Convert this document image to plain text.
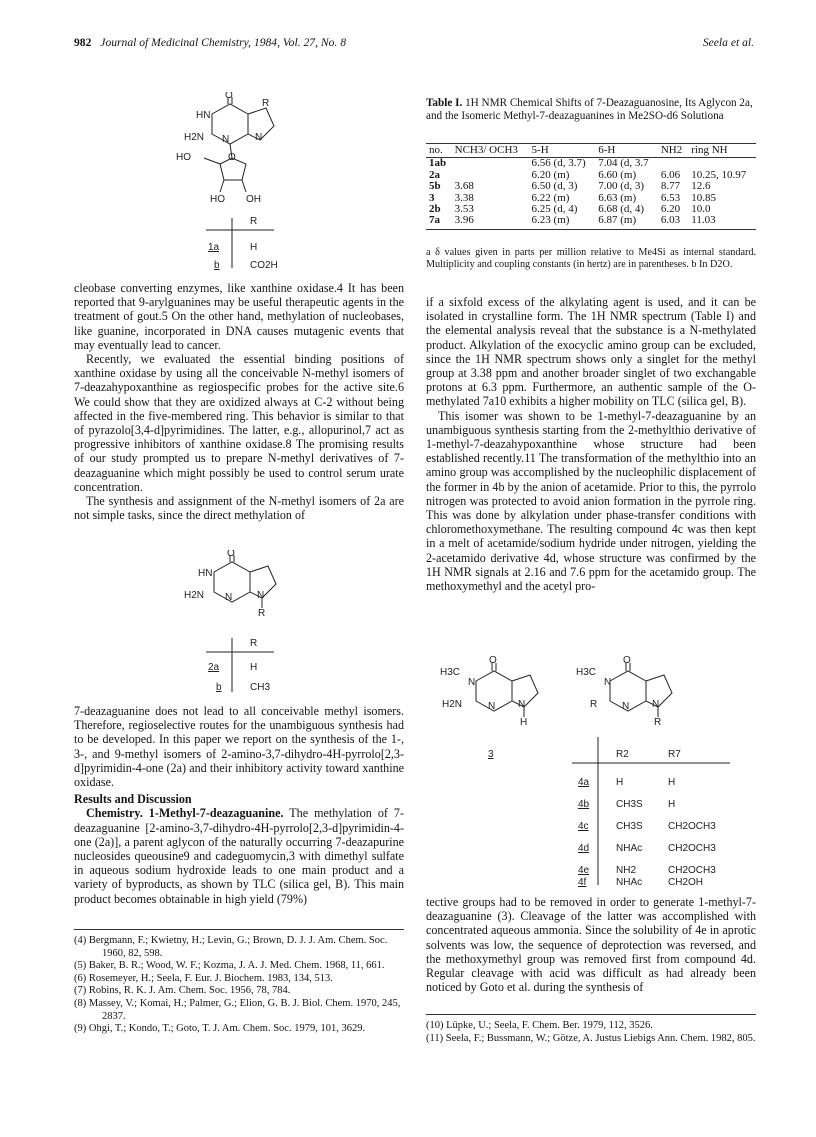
982 Journal of Medicinal Chemistry, 1984, Vol. 27, No. 8	Seela et al.
O
R
HN
H2N N	N
HO	O
HO OH
R
1a	H
b	CO2H

cleobase converting enzymes, like xanthine oxidase.4 It has been reported that 9-arylguanines may be useful therapeutic agents in the treatment of gout.5 On the other hand, methylation of nucleobases, like guanine, incorporated in DNA causes mutagenic events that may eventually lead to cancer.

Recently, we evaluated the essential binding positions of xanthine oxidase by using all the conceivable N-methyl isomers of 7-deazahypoxanthine as regiospecific probes for the active site.6 We could show that they are oxidized always at C-2 without being affected in the five-membered ring. This behavior is similar to that of pyrazolo[3,4-d]pyrimidines. The latter, e.g., allopurinol,7 act as progressive inhibitors of xanthine oxidase.8 The promising results of our study prompted us to prepare N-methyl derivatives of 7-deazaguanine which might possibly be used to control serum urate concentration.

The synthesis and assignment of the N-methyl isomers of 2a are not simple tasks, since the direct methylation of

O
HN
H2N N N
R
R
2a	H
b	CH3

7-deazaguanine does not lead to all conceivable methyl isomers. Therefore, regioselective routes for the unambiguous synthesis had to be developed. In this paper we report on the synthesis of the 1-, 3-, and 9-methyl isomers of 2-amino-3,7-dihydro-4H-pyrrolo[2,3-d]pyrimidin-4-one (2a) and their inhibitory activity toward xanthine oxidase.

Results and Discussion

Chemistry. 1-Methyl-7-deazaguanine. The methylation of 7-deazaguanine [2-amino-3,7-dihydro-4H-pyrrolo[2,3-d]pyrimidin-4-one (2a)], a parent aglycon of the naturally occurring 7-deazapurine nucleosides queousine9 and cadeguomycin,3 with dimethyl sulfate in aqueous sodium hydroxide leads to one main product and a variety of byproducts, as shown by TLC (silica gel, B). This main product becomes obtainable in high yield (79%)

(4) Bergmann, F.; Kwietny, H.; Levin, G.; Brown, D. J. J. Am. Chem. Soc. 1960, 82, 598.
(5) Baker, B. R.; Wood, W. F.; Kozma, J. A. J. Med. Chem. 1968, 11, 661.
(6) Rosemeyer, H.; Seela, F. Eur. J. Biochem. 1983, 134, 513.
(7) Robins, R. K. J. Am. Chem. Soc. 1956, 78, 784.
(8) Massey, V.; Komai, H.; Palmer, G.; Elion, G. B. J. Biol. Chem. 1970, 245, 2837.
(9) Ohgi, T.; Kondo, T.; Goto, T. J. Am. Chem. Soc. 1979, 101, 3629.
Table I. 1H NMR Chemical Shifts of 7-Deazaguanosine, Its Aglycon 2a, and the Isomeric Methyl-7-deazaguanines in Me2SO-d6 Solutiona
no.	NCH3/ OCH3	5-H	6-H	NH2	ring NH
1ab		6.56 (d, 3.7)	7.04 (d, 3.7		
2a		6.20 (m)	6.60 (m)	6.06	10.25, 10.97
5b	3.68	6.50 (d, 3)	7.00 (d, 3)	8.77	12.6
3	3.38	6.22 (m)	6.63 (m)	6.53	10.85
2b	3.53	6.25 (d, 4)	6.68 (d, 4)	6.20	10.0
7a	3.96	6.23 (m)	6.87 (m)	6.03	11.03
a δ values given in parts per million relative to Me4Si as internal standard. Multiplicity and coupling constants (in hertz) are in parentheses. b In D2O.

if a sixfold excess of the alkylating agent is used, and it can be isolated in crystalline form. The 1H NMR spectrum (Table I) and the elemental analysis reveal that the substance is a N-methylated product. Alkylation of the exocyclic amino group can be excluded, since the 1H NMR spectrum shows only a singlet for the methyl group at 3.38 ppm and another broader singlet of two exchangable protons at 6.3 ppm. Furthermore, an authentic sample of the O-methylated 7a10 exhibits a higher mobility on TLC (silica gel, B).

This isomer was shown to be 1-methyl-7-deazaguanine by an unambiguous synthesis starting from the 2-methylthio derivative of 1-methyl-7-deazahypoxanthine whose structure had been established recently.11 The transformation of the methylthio into an amino group was accomplished by the nucleophilic displacement of the former in 4b by the anion of acetamide. Prior to this, the pyrrolo nitrogen was protected to avoid anion formation in the pyrrole ring. This was done by alkylation under phase-transfer conditions with chloromethoxymethane. The resulting compound 4c was then kept in a melt of acetamide/sodium hydride under nitrogen, yielding the 2-acetamido derivative 4d, whose structure was confirmed by the 1H NMR signals at 2.16 and 7.6 ppm for the acetamido group. The methoxymethyl and the acetyl pro-

O
H3C
N
H2N	N N
H
O
H3C
N
R N N
R
3	R2	R7
4a	H	H
4b	CH3S	H
4c	CH3S	CH2OCH3
4d	NHAc	CH2OCH3
4e	NH2	CH2OCH3
4f	NHAc	CH2OH

tective groups had to be removed in order to generate 1-methyl-7-deazaguanine (3). Cleavage of the latter was accomplished with concentrated aqueous ammonia. Since the solubility of 4e in aprotic solvents was low, the sequence of deprotection was reversed, and the methoxymethyl group was removed first from compound 4d. Regular cleavage with acid was difficult as had already been noticed by Goto et al. during the synthesis of

(10) Lüpke, U.; Seela, F. Chem. Ber. 1979, 112, 3526.
(11) Seela, F.; Bussmann, W.; Götze, A. Justus Liebigs Ann. Chem. 1982, 805.
